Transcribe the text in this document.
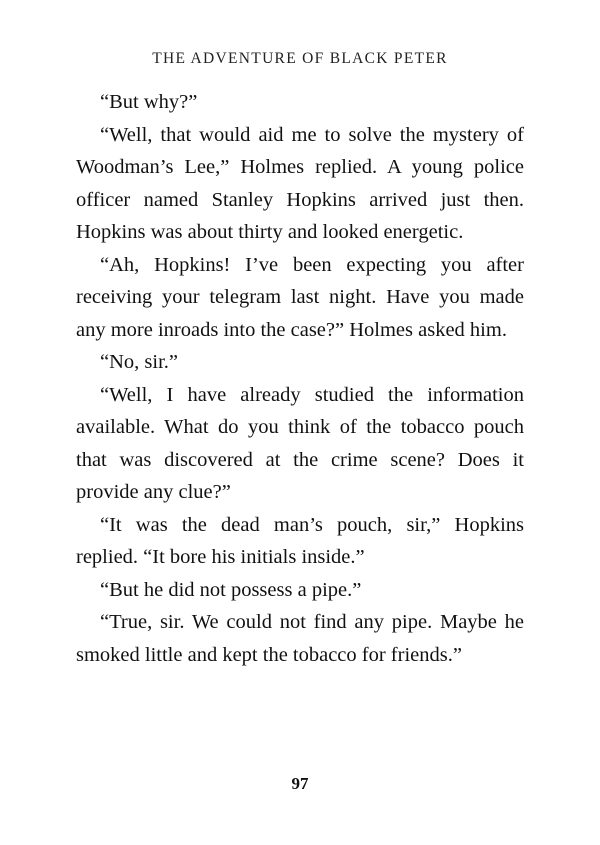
THE ADVENTURE OF BLACK PETER

“But why?”

“Well, that would aid me to solve the mystery of Woodman’s Lee,” Holmes replied. A young police officer named Stanley Hopkins arrived just then. Hopkins was about thirty and looked energetic.

“Ah, Hopkins! I’ve been expecting you after receiving your telegram last night. Have you made any more inroads into the case?” Holmes asked him.

“No, sir.”

“Well, I have already studied the information available. What do you think of the tobacco pouch that was discovered at the crime scene? Does it provide any clue?”

“It was the dead man’s pouch, sir,” Hopkins replied. “It bore his initials inside.”

“But he did not possess a pipe.”

“True, sir. We could not find any pipe. Maybe he smoked little and kept the tobacco for friends.”

97
